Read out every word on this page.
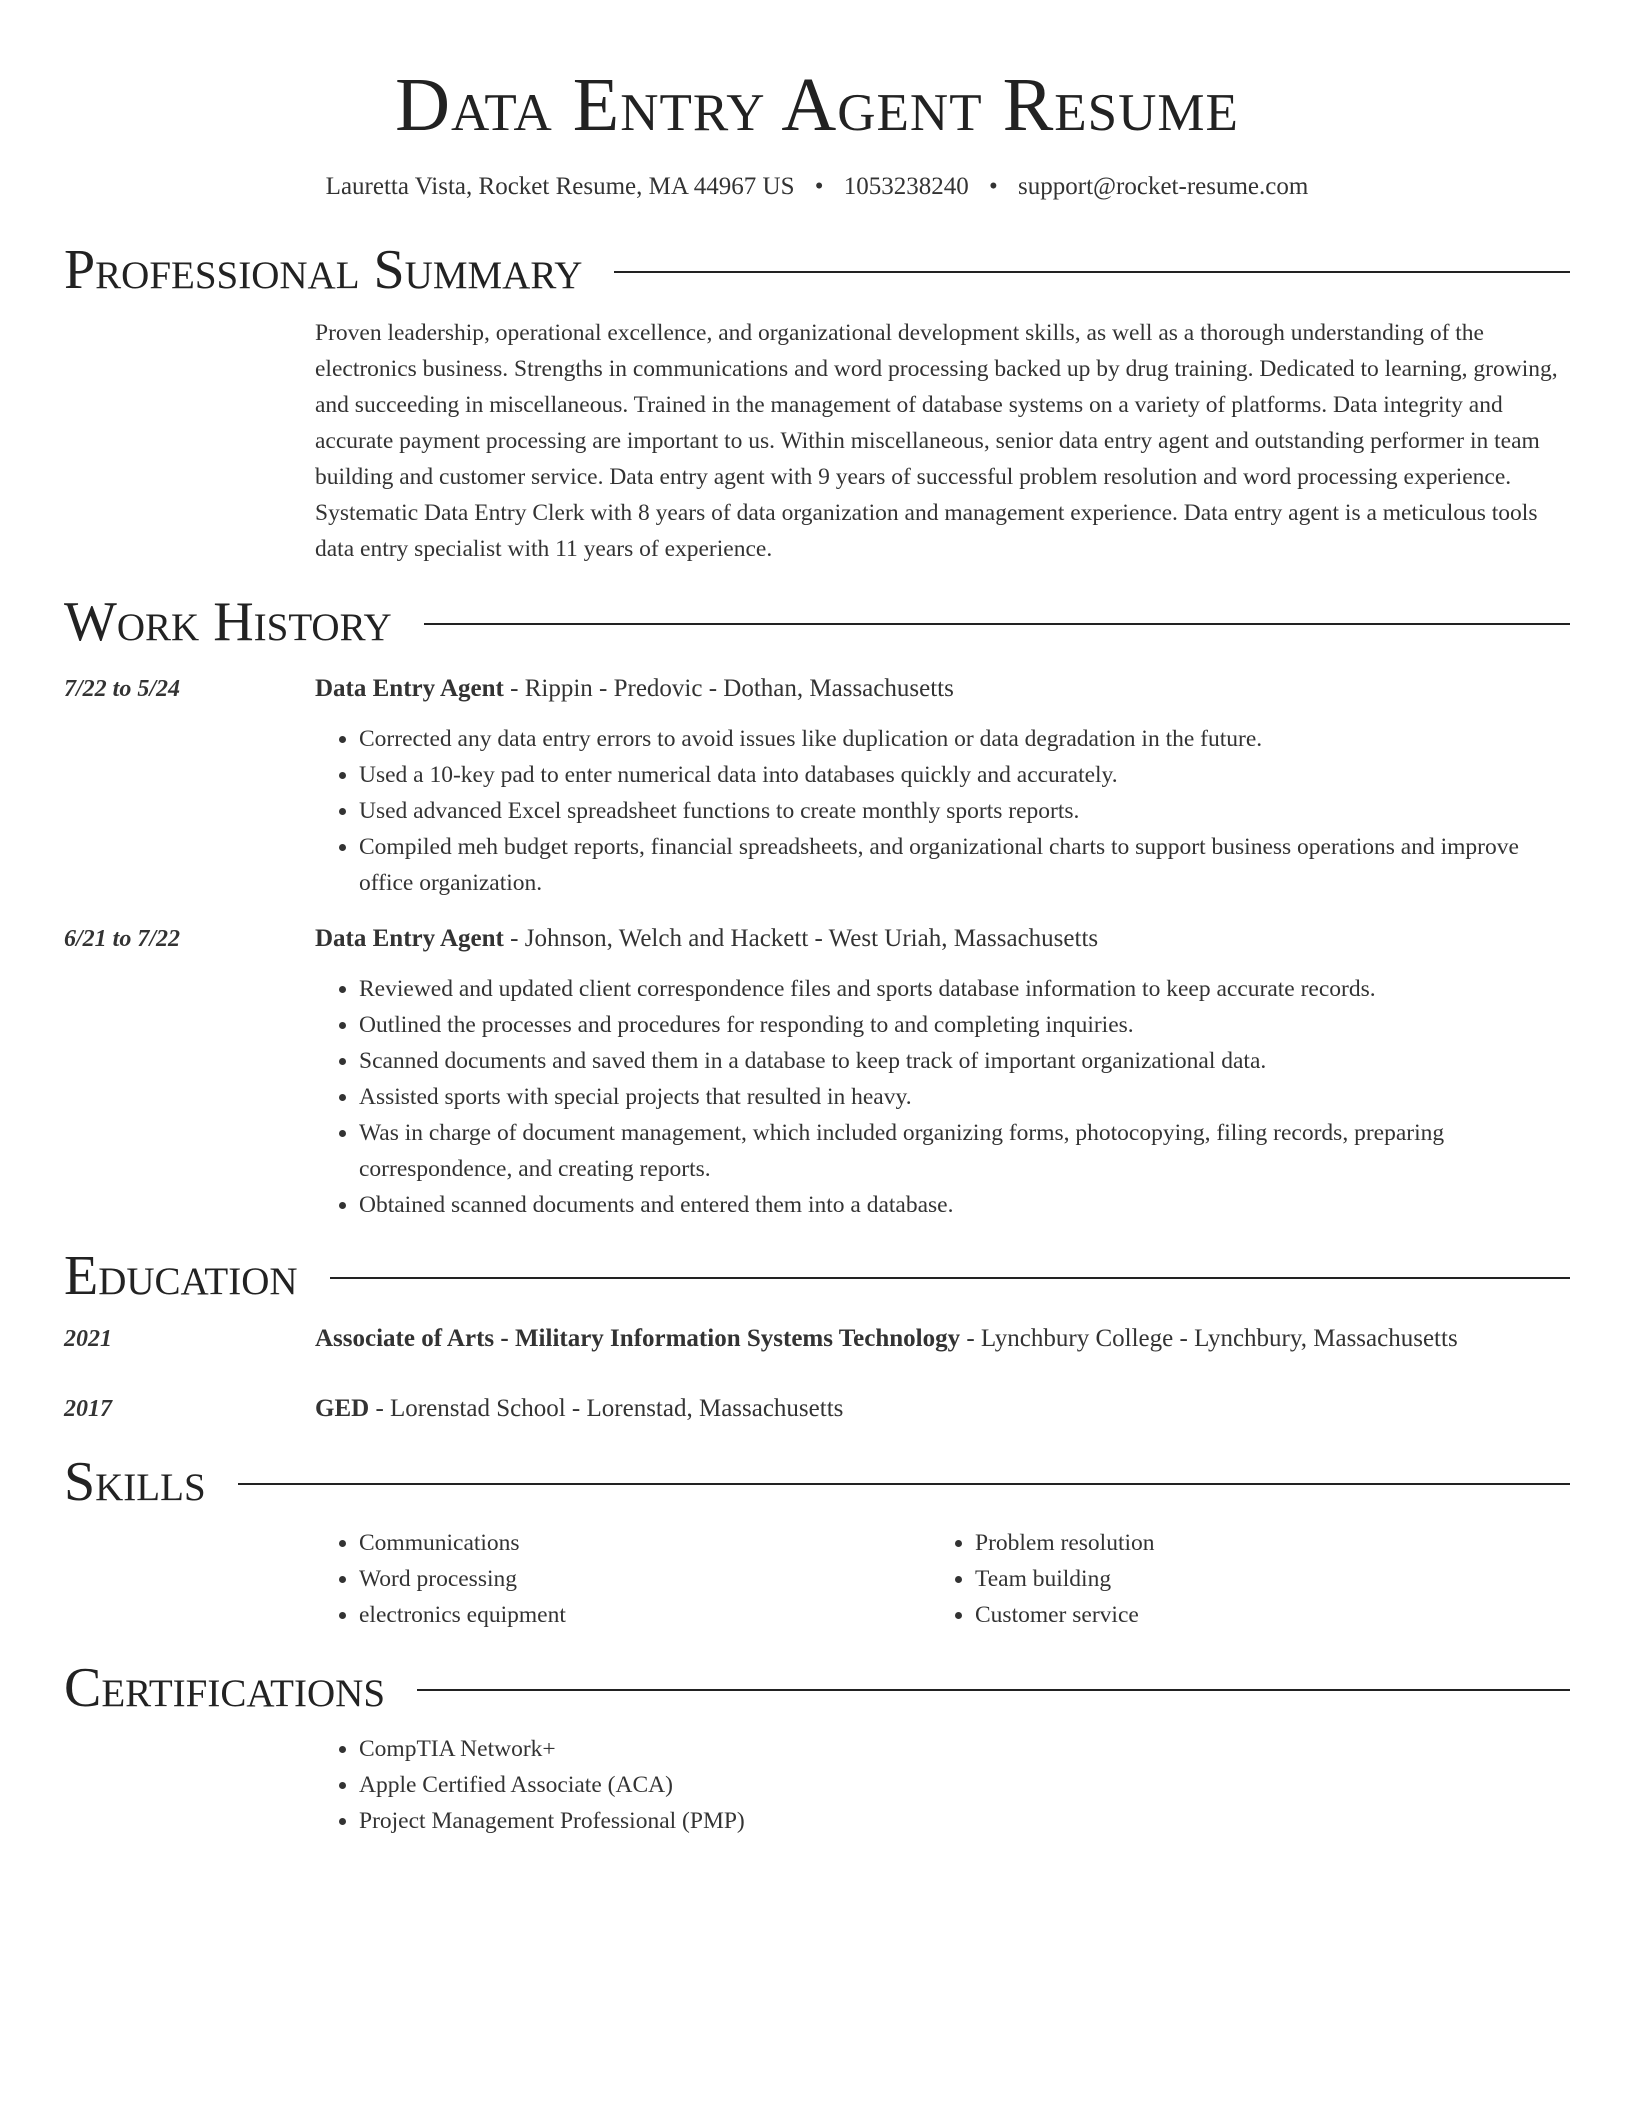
Data Entry Agent Resume
Lauretta Vista, Rocket Resume, MA 44967 US • 1053238240 • support@rocket-resume.com
Professional Summary
Proven leadership, operational excellence, and organizational development skills, as well as a thorough understanding of the electronics business. Strengths in communications and word processing backed up by drug training. Dedicated to learning, growing, and succeeding in miscellaneous. Trained in the management of database systems on a variety of platforms. Data integrity and accurate payment processing are important to us. Within miscellaneous, senior data entry agent and outstanding performer in team building and customer service. Data entry agent with 9 years of successful problem resolution and word processing experience. Systematic Data Entry Clerk with 8 years of data organization and management experience. Data entry agent is a meticulous tools data entry specialist with 11 years of experience.
Work History
7/22 to 5/24	Data Entry Agent - Rippin - Predovic - Dothan, Massachusetts
• Corrected any data entry errors to avoid issues like duplication or data degradation in the future.
• Used a 10-key pad to enter numerical data into databases quickly and accurately.
• Used advanced Excel spreadsheet functions to create monthly sports reports.
• Compiled meh budget reports, financial spreadsheets, and organizational charts to support business operations and improve office organization.
6/21 to 7/22	Data Entry Agent - Johnson, Welch and Hackett - West Uriah, Massachusetts
• Reviewed and updated client correspondence files and sports database information to keep accurate records.
• Outlined the processes and procedures for responding to and completing inquiries.
• Scanned documents and saved them in a database to keep track of important organizational data.
• Assisted sports with special projects that resulted in heavy.
• Was in charge of document management, which included organizing forms, photocopying, filing records, preparing correspondence, and creating reports.
• Obtained scanned documents and entered them into a database.
Education
2021	Associate of Arts - Military Information Systems Technology - Lynchbury College - Lynchbury, Massachusetts
2017	GED - Lorenstad School - Lorenstad, Massachusetts
Skills
• Communications
• Word processing
• electronics equipment
• Problem resolution
• Team building
• Customer service
Certifications
• CompTIA Network+
• Apple Certified Associate (ACA)
• Project Management Professional (PMP)
